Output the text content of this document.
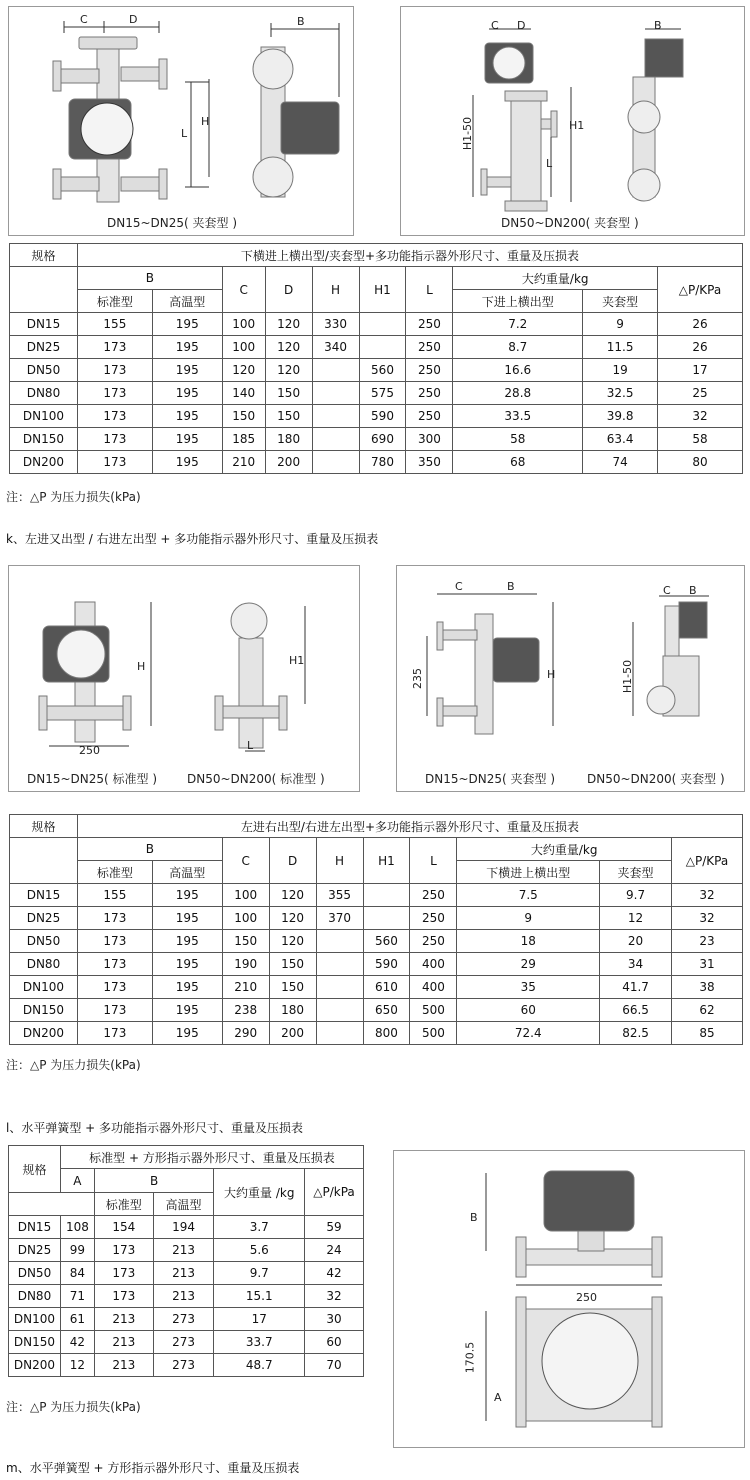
C	D	B
H
L
DN15~DN25( 夹套型 )
C D	B
H1-50	H1
L
DN50~DN200( 夹套型 )
规格	下横进上横出型/夹套型+多功能指示器外形尺寸、重量及压损表									
	B		C	D	H	H1	L	大约重量/kg		△P/KPa
	标准型	高温型						下进上横出型	夹套型	
DN15	155	195	100	120	330		250	7.2	9	26
DN25	173	195	100	120	340		250	8.7	11.5	26
DN50	173	195	120	120		560	250	16.6	19	17
DN80	173	195	140	150		575	250	28.8	32.5	25
DN100	173	195	150	150		590	250	33.5	39.8	32
DN150	173	195	185	180		690	300	58	63.4	58
DN200	173	195	210	200		780	350	68	74	80
注：△P 为压力损失(kPa)
k、左进又出型 / 右进左出型 + 多功能指示器外形尺寸、重量及压损表
H
250
H1
L
DN15~DN25( 标准型 ) DN50~DN200( 标准型 )
C	B
235	H
C B
H1-50
DN15~DN25( 夹套型 )	DN50~DN200( 夹套型 )
规格	左进右出型/右进左出型+多功能指示器外形尺寸、重量及压损表									
	B		C	D	H	H1	L	大约重量/kg		△P/KPa
	标准型	高温型						下横进上横出型	夹套型	
DN15	155	195	100	120	355		250	7.5	9.7	32
DN25	173	195	100	120	370		250	9	12	32
DN50	173	195	150	120		560	250	18	20	23
DN80	173	195	190	150		590	400	29	34	31
DN100	173	195	210	150		610	400	35	41.7	38
DN150	173	195	238	180		650	500	60	66.5	62
DN200	173	195	290	200		800	500	72.4	82.5	85
注：△P 为压力损失(kPa)
l、水平弹簧型 + 多功能指示器外形尺寸、重量及压损表
规格	标准型 + 方形指示器外形尺寸、重量及压损表				
	A	B		大约重量 /kg	△P/kPa
		标准型	高温型		
DN15	108	154	194	3.7	59
DN25	99	173	213	5.6	24
DN50	84	173	213	9.7	42
DN80	71	173	213	15.1	32
DN100	61	213	273	17	30
DN150	42	213	273	33.7	60
DN200	12	213	273	48.7	70
注：△P 为压力损失(kPa)
B
250
170.5
A
m、水平弹簧型 + 方形指示器外形尺寸、重量及压损表
